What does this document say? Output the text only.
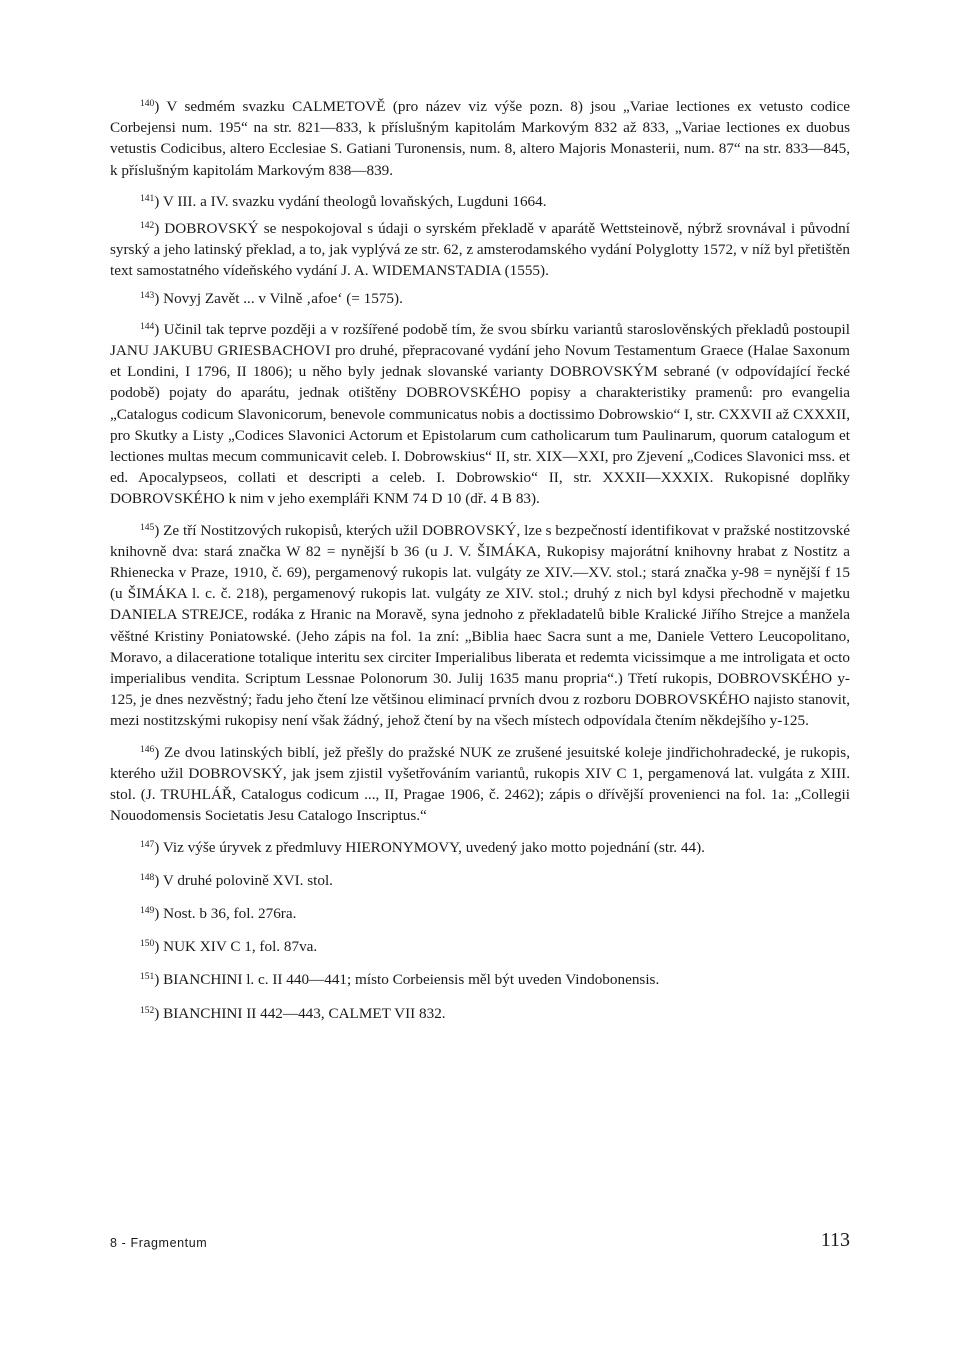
$^{140}$) V sedmém svazku CALMETOVĚ (pro název viz výše pozn. 8) jsou „Variae lectiones ex vetusto codice Corbejensi num. 195“ na str. 821—833, k příslušným kapitolám Markovým 832 až 833, „Variae lectiones ex duobus vetustis Codicibus, altero Ecclesiae S. Gatiani Turonensis, num. 8, altero Majoris Monasterii, num. 87“ na str. 833—845, k příslušným kapitolám Markovým 838—839.

$^{141}$) V III. a IV. svazku vydání theologů lovaňských, Lugduni 1664.

$^{142}$) DOBROVSKÝ se nespokojoval s údaji o syrském překladě v aparátě Wettsteinově, nýbrž srovnával i původní syrský a jeho latinský překlad, a to, jak vyplývá ze str. 62, z amsterodamského vydání Polyglotty 1572, v níž byl přetištěn text samostatného vídeňského vydání J. A. WIDEMANSTADIA (1555).

$^{143}$) Novyj Zavět ... v Vilně ‚afoe‘ (= 1575).

$^{144}$) Učinil tak teprve později a v rozšířené podobě tím, že svou sbírku variantů staroslověnských překladů postoupil JANU JAKUBU GRIESBACHOVI pro druhé, přepracované vydání jeho Novum Testamentum Graece (Halae Saxonum et Londini, I 1796, II 1806); u něho byly jednak slovanské varianty DOBROVSKÝM sebrané (v odpovídající řecké podobě) pojaty do aparátu, jednak otištěny DOBROVSKÉHO popisy a charakteristiky pramenů: pro evangelia „Catalogus codicum Slavonicorum, benevole communicatus nobis a doctissimo Dobrowskio“ I, str. CXXVII až CXXXII, pro Skutky a Listy „Codices Slavonici Actorum et Epistolarum cum catholicarum tum Paulinarum, quorum catalogum et lectiones multas mecum communicavit celeb. I. Dobrowskius“ II, str. XIX—XXI, pro Zjevení „Codices Slavonici mss. et ed. Apocalypseos, collati et descripti a celeb. I. Dobrowskio“ II, str. XXXII—XXXIX. Rukopisné doplňky DOBROVSKÉHO k nim v jeho exempláři KNM 74 D 10 (dř. 4 B 83).

$^{145}$) Ze tří Nostitzových rukopisů, kterých užil DOBROVSKÝ, lze s bezpečností identifikovat v pražské nostitzovské knihovně dva: stará značka W 82 = nynější b 36 (u J. V. ŠIMÁKA, Rukopisy majorátní knihovny hrabat z Nostitz a Rhienecka v Praze, 1910, č. 69), pergamenový rukopis lat. vulgáty ze XIV.—XV. stol.; stará značka y-98 = nynější f 15 (u ŠIMÁKA l. c. č. 218), pergamenový rukopis lat. vulgáty ze XIV. stol.; druhý z nich byl kdysi přechodně v majetku DANIELA STREJCE, rodáka z Hranic na Moravě, syna jednoho z překladatelů bible Kralické Jiřího Strejce a manžela věštné Kristiny Poniatowské. (Jeho zápis na fol. 1a zní: „Biblia haec Sacra sunt a me, Daniele Vettero Leucopolitano, Moravo, a dilaceratione totalique interitu sex circiter Imperialibus liberata et redemta vicissimque a me introligata et octo imperialibus vendita. Scriptum Lessnae Polonorum 30. Julij 1635 manu propria“.) Třetí rukopis, DOBROVSKÉHO y-125, je dnes nezvěstný; řadu jeho čtení lze většinou eliminací prvních dvou z rozboru DOBROVSKÉHO najisto stanovit, mezi nostitzskými rukopisy není však žádný, jehož čtení by na všech místech odpovídala čtením někdejšího y-125.

$^{146}$) Ze dvou latinských biblí, jež přešly do pražské NUK ze zrušené jesuitské koleje jindřichohradecké, je rukopis, kterého užil DOBROVSKÝ, jak jsem zjistil vyšetřováním variantů, rukopis XIV C 1, pergamenová lat. vulgáta z XIII. stol. (J. TRUHLÁŘ, Catalogus codicum ..., II, Pragae 1906, č. 2462); zápis o dřívější provenienci na fol. 1a: „Collegii Nouodomensis Societatis Jesu Catalogo Inscriptus.“

$^{147}$) Viz výše úryvek z předmluvy HIERONYMOVY, uvedený jako motto pojednání (str. 44).

$^{148}$) V druhé polovině XVI. stol.

$^{149}$) Nost. b 36, fol. 276ra.

$^{150}$) NUK XIV C 1, fol. 87va.

$^{151}$) BIANCHINI l. c. II 440—441; místo Corbeiensis měl být uveden Vindobonensis.

$^{152}$) BIANCHINI II 442—443, CALMET VII 832.

8 - Fragmentum	113
